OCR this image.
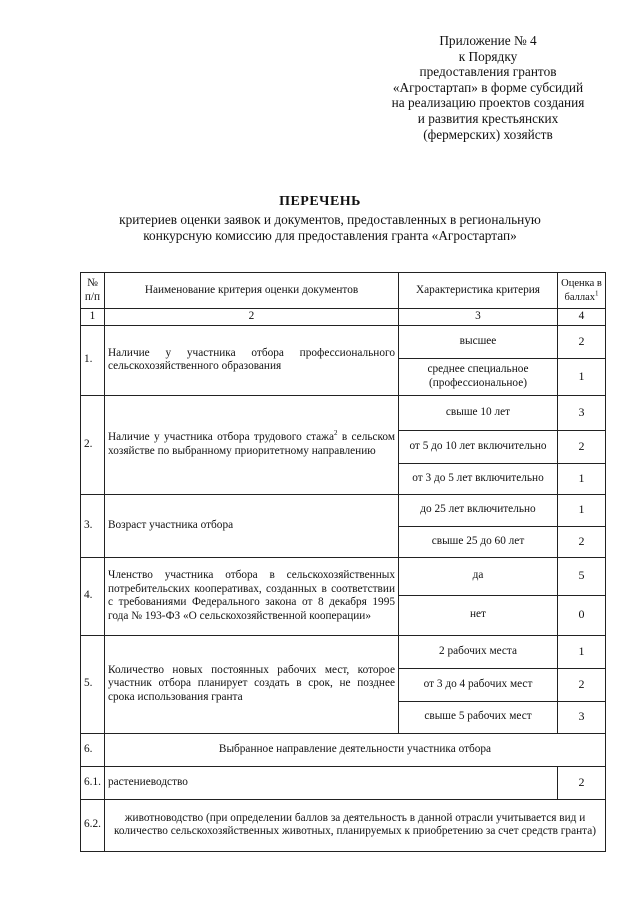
Приложение № 4
к Порядку
предоставления грантов
«Агростартап» в форме субсидий
на реализацию проектов создания
и развития крестьянских
(фермерских) хозяйств
ПЕРЕЧЕНЬ
критериев оценки заявок и документов, предоставленных в региональную
конкурсную комиссию для предоставления гранта «Агростартап»
№ п/п	Наименование критерия оценки документов	Характеристика критерия	Оценка в баллах$^1$
1	2	3	4
1.	Наличие у участника отбора профессионального сельскохозяйственного образования	высшее	2
		среднее специальное (профессиональное)	1
2.	Наличие у участника отбора трудового стажа$^2$ в сельском хозяйстве по выбранному приоритетному направлению	свыше 10 лет	3
		от 5 до 10 лет включительно	2
		от 3 до 5 лет включительно	1
3.	Возраст участника отбора	до 25 лет включительно	1
		свыше 25 до 60 лет	2
4.	Членство участника отбора в сельскохозяйственных потребительских кооперативах, созданных в соответствии с требованиями Федерального закона от 8 декабря 1995 года № 193-ФЗ «О сельскохозяйственной кооперации»	да	5
		нет	0
5.	Количество новых постоянных рабочих мест, которое участник отбора планирует создать в срок, не позднее срока использования гранта	2 рабочих места	1
		от 3 до 4 рабочих мест	2
		свыше 5 рабочих мест	3
6.	Выбранное направление деятельности участника отбора		
6.1.	растениеводство		2
6.2.	животноводство (при определении баллов за деятельность в данной отрасли учитывается вид и количество сельскохозяйственных животных, планируемых к приобретению за счет средств гранта)		
